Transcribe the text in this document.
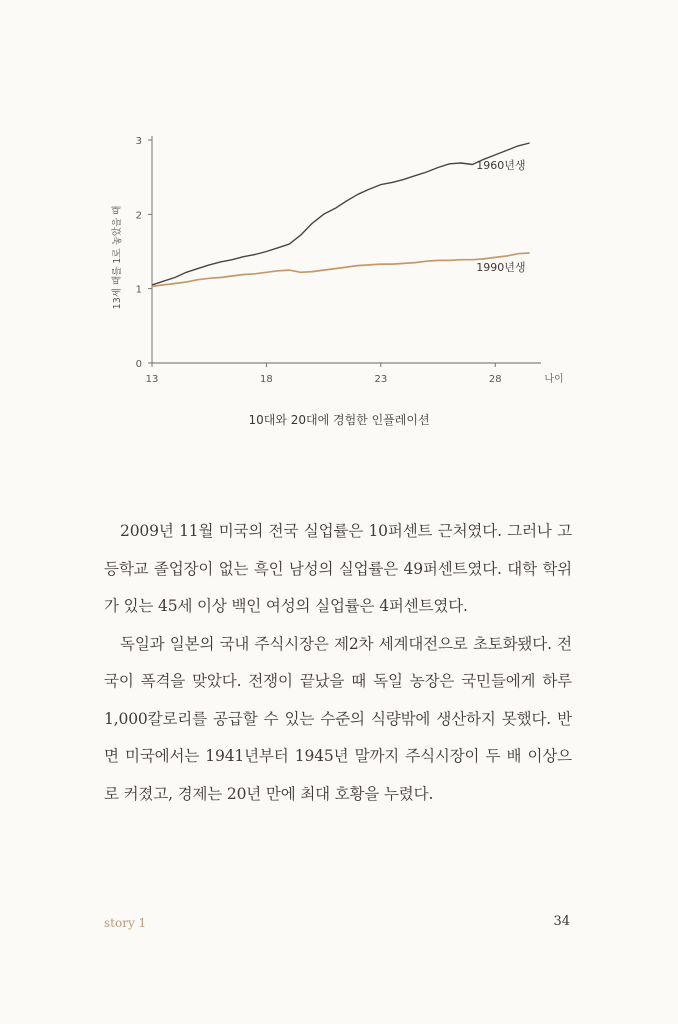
0
1
2
3
13	18	23	28	나이
13세 때를 1로 놓았을 때
1960년생
1990년생
10대와 20대에 경험한 인플레이션

2009년 11월 미국의 전국 실업률은 10퍼센트 근처였다. 그러나 고등학교 졸업장이 없는 흑인 남성의 실업률은 49퍼센트였다. 대학 학위가 있는 45세 이상 백인 여성의 실업률은 4퍼센트였다.

독일과 일본의 국내 주식시장은 제2차 세계대전으로 초토화됐다. 전국이 폭격을 맞았다. 전쟁이 끝났을 때 독일 농장은 국민들에게 하루 1,000칼로리를 공급할 수 있는 수준의 식량밖에 생산하지 못했다. 반면 미국에서는 1941년부터 1945년 말까지 주식시장이 두 배 이상으로 커졌고, 경제는 20년 만에 최대 호황을 누렸다.

story 1	34
